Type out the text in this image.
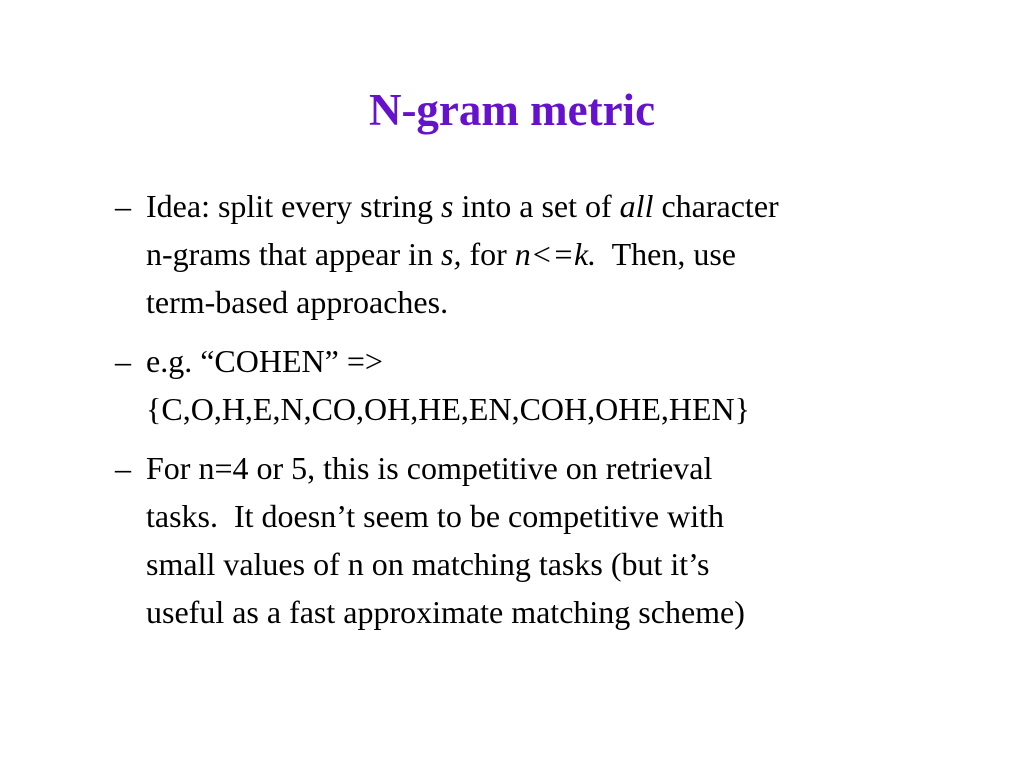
N-gram metric
– Idea: split every string s into a set of all character
n-grams that appear in s, for n<=k.  Then, use
term-based approaches.
– e.g. “COHEN” =>
{C,O,H,E,N,CO,OH,HE,EN,COH,OHE,HEN}
– For n=4 or 5, this is competitive on retrieval
tasks.  It doesn’t seem to be competitive with
small values of n on matching tasks (but it’s
useful as a fast approximate matching scheme)
